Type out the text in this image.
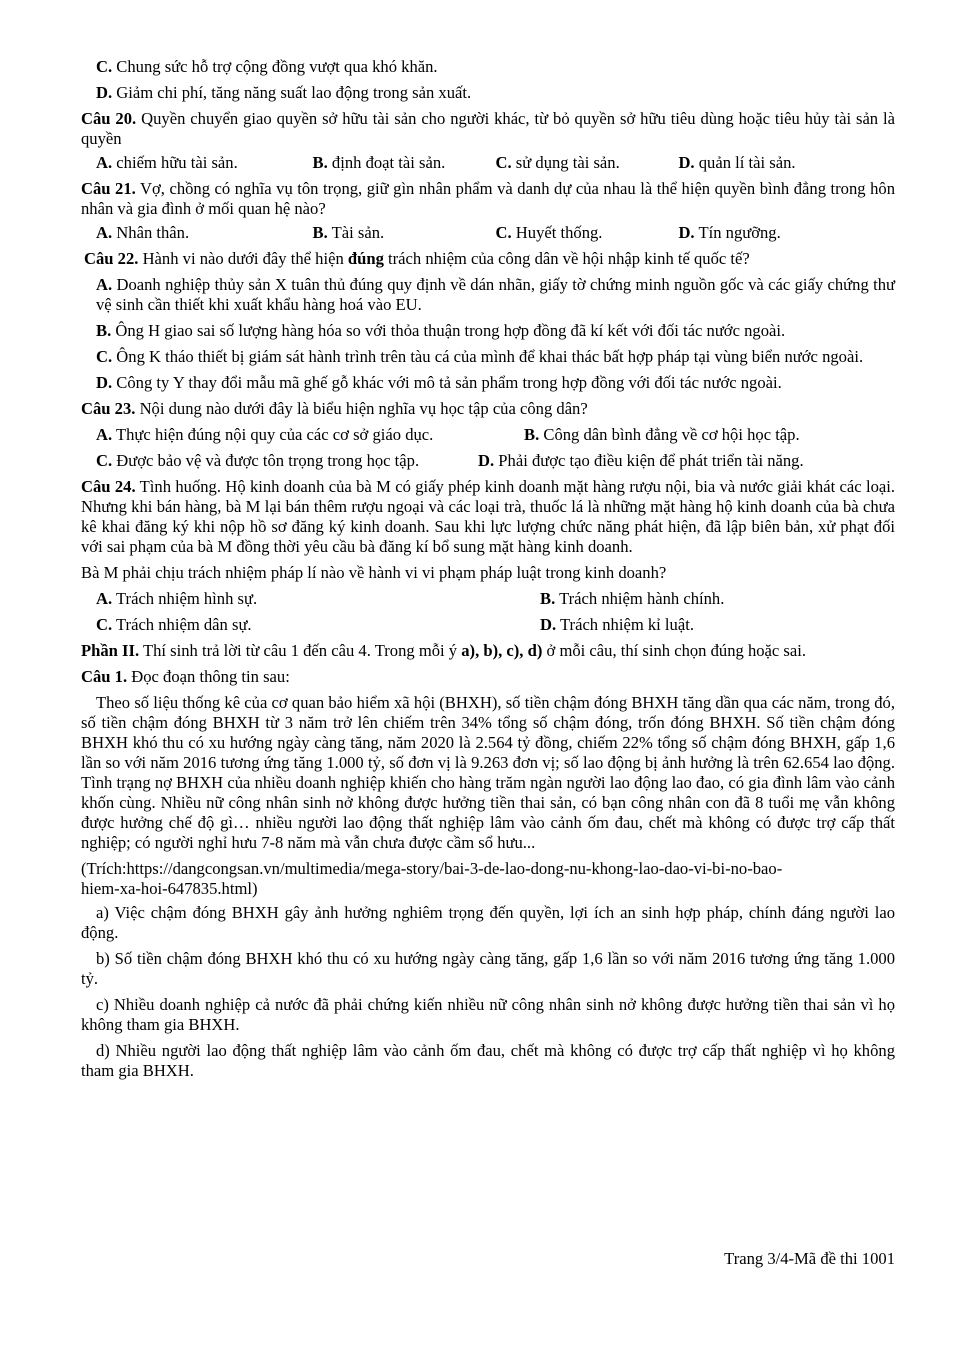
C. Chung sức hỗ trợ cộng đồng vượt qua khó khăn.

D. Giảm chi phí, tăng năng suất lao động trong sản xuất.

Câu 20. Quyền chuyển giao quyền sở hữu tài sản cho người khác, từ bỏ quyền sở hữu tiêu dùng hoặc tiêu hủy tài sản là quyền

A. chiếm hữu tài sản.	B. định đoạt tài sản.	C. sử dụng tài sản.	D. quản lí tài sản.

Câu 21. Vợ, chồng có nghĩa vụ tôn trọng, giữ gìn nhân phẩm và danh dự của nhau là thể hiện quyền bình đẳng trong hôn nhân và gia đình ở mối quan hệ nào?

A. Nhân thân.	B. Tài sản.	C. Huyết thống.	D. Tín ngưỡng.

Câu 22. Hành vi nào dưới đây thể hiện đúng trách nhiệm của công dân về hội nhập kinh tế quốc tế?

A. Doanh nghiệp thủy sản X tuân thủ đúng quy định về dán nhãn, giấy tờ chứng minh nguồn gốc và các giấy chứng thư vệ sinh cần thiết khi xuất khẩu hàng hoá vào EU.

B. Ông H giao sai số lượng hàng hóa so với thỏa thuận trong hợp đồng đã kí kết với đối tác nước ngoài.

C. Ông K tháo thiết bị giám sát hành trình trên tàu cá của mình để khai thác bất hợp pháp tại vùng biển nước ngoài.

D. Công ty Y thay đổi mẫu mã ghế gỗ khác với mô tả sản phẩm trong hợp đồng với đối tác nước ngoài.

Câu 23. Nội dung nào dưới đây là biểu hiện nghĩa vụ học tập của công dân?

A. Thực hiện đúng nội quy của các cơ sở giáo dục.	B. Công dân bình đẳng về cơ hội học tập.
C. Được bảo vệ và được tôn trọng trong học tập.	D. Phải được tạo điều kiện để phát triển tài năng.

Câu 24. Tình huống. Hộ kinh doanh của bà M có giấy phép kinh doanh mặt hàng rượu nội, bia và nước giải khát các loại. Nhưng khi bán hàng, bà M lại bán thêm rượu ngoại và các loại trà, thuốc lá là những mặt hàng hộ kinh doanh của bà chưa kê khai đăng ký khi nộp hồ sơ đăng ký kinh doanh. Sau khi lực lượng chức năng phát hiện, đã lập biên bản, xử phạt đối với sai phạm của bà M đồng thời yêu cầu bà đăng kí bổ sung mặt hàng kinh doanh.

Bà M phải chịu trách nhiệm pháp lí nào về hành vi vi phạm pháp luật trong kinh doanh?

A. Trách nhiệm hình sự.	B. Trách nhiệm hành chính.
C. Trách nhiệm dân sự.	D. Trách nhiệm kỉ luật.

Phần II. Thí sinh trả lời từ câu 1 đến câu 4. Trong mỗi ý a), b), c), d) ở mỗi câu, thí sinh chọn đúng hoặc sai.

Câu 1. Đọc đoạn thông tin sau:

Theo số liệu thống kê của cơ quan bảo hiểm xã hội (BHXH), số tiền chậm đóng BHXH tăng dần qua các năm, trong đó, số tiền chậm đóng BHXH từ 3 năm trở lên chiếm trên 34% tổng số chậm đóng, trốn đóng BHXH. Số tiền chậm đóng BHXH khó thu có xu hướng ngày càng tăng, năm 2020 là 2.564 tỷ đồng, chiếm 22% tổng số chậm đóng BHXH, gấp 1,6 lần so với năm 2016 tương ứng tăng 1.000 tỷ, số đơn vị là 9.263 đơn vị; số lao động bị ảnh hưởng là trên 62.654 lao động. Tình trạng nợ BHXH của nhiều doanh nghiệp khiến cho hàng trăm ngàn người lao động lao đao, có gia đình lâm vào cảnh khốn cùng. Nhiều nữ công nhân sinh nở không được hưởng tiền thai sản, có bạn công nhân con đã 8 tuổi mẹ vẫn không được hưởng chế độ gì… nhiều người lao động thất nghiệp lâm vào cảnh ốm đau, chết mà không có được trợ cấp thất nghiệp; có người nghỉ hưu 7-8 năm mà vẫn chưa được cầm sổ hưu...

(Trích:https://dangcongsan.vn/multimedia/mega-story/bai-3-de-lao-dong-nu-khong-lao-dao-vi-bi-no-bao-
hiem-xa-hoi-647835.html)

a) Việc chậm đóng BHXH gây ảnh hưởng nghiêm trọng đến quyền, lợi ích an sinh hợp pháp, chính đáng người lao động.

b) Số tiền chậm đóng BHXH khó thu có xu hướng ngày càng tăng, gấp 1,6 lần so với năm 2016 tương ứng tăng 1.000 tỷ.

c) Nhiều doanh nghiệp cả nước đã phải chứng kiến nhiều nữ công nhân sinh nở không được hưởng tiền thai sản vì họ không tham gia BHXH.

d) Nhiều người lao động thất nghiệp lâm vào cảnh ốm đau, chết mà không có được trợ cấp thất nghiệp vì họ không tham gia BHXH.

Trang 3/4-Mã đề thi 1001
